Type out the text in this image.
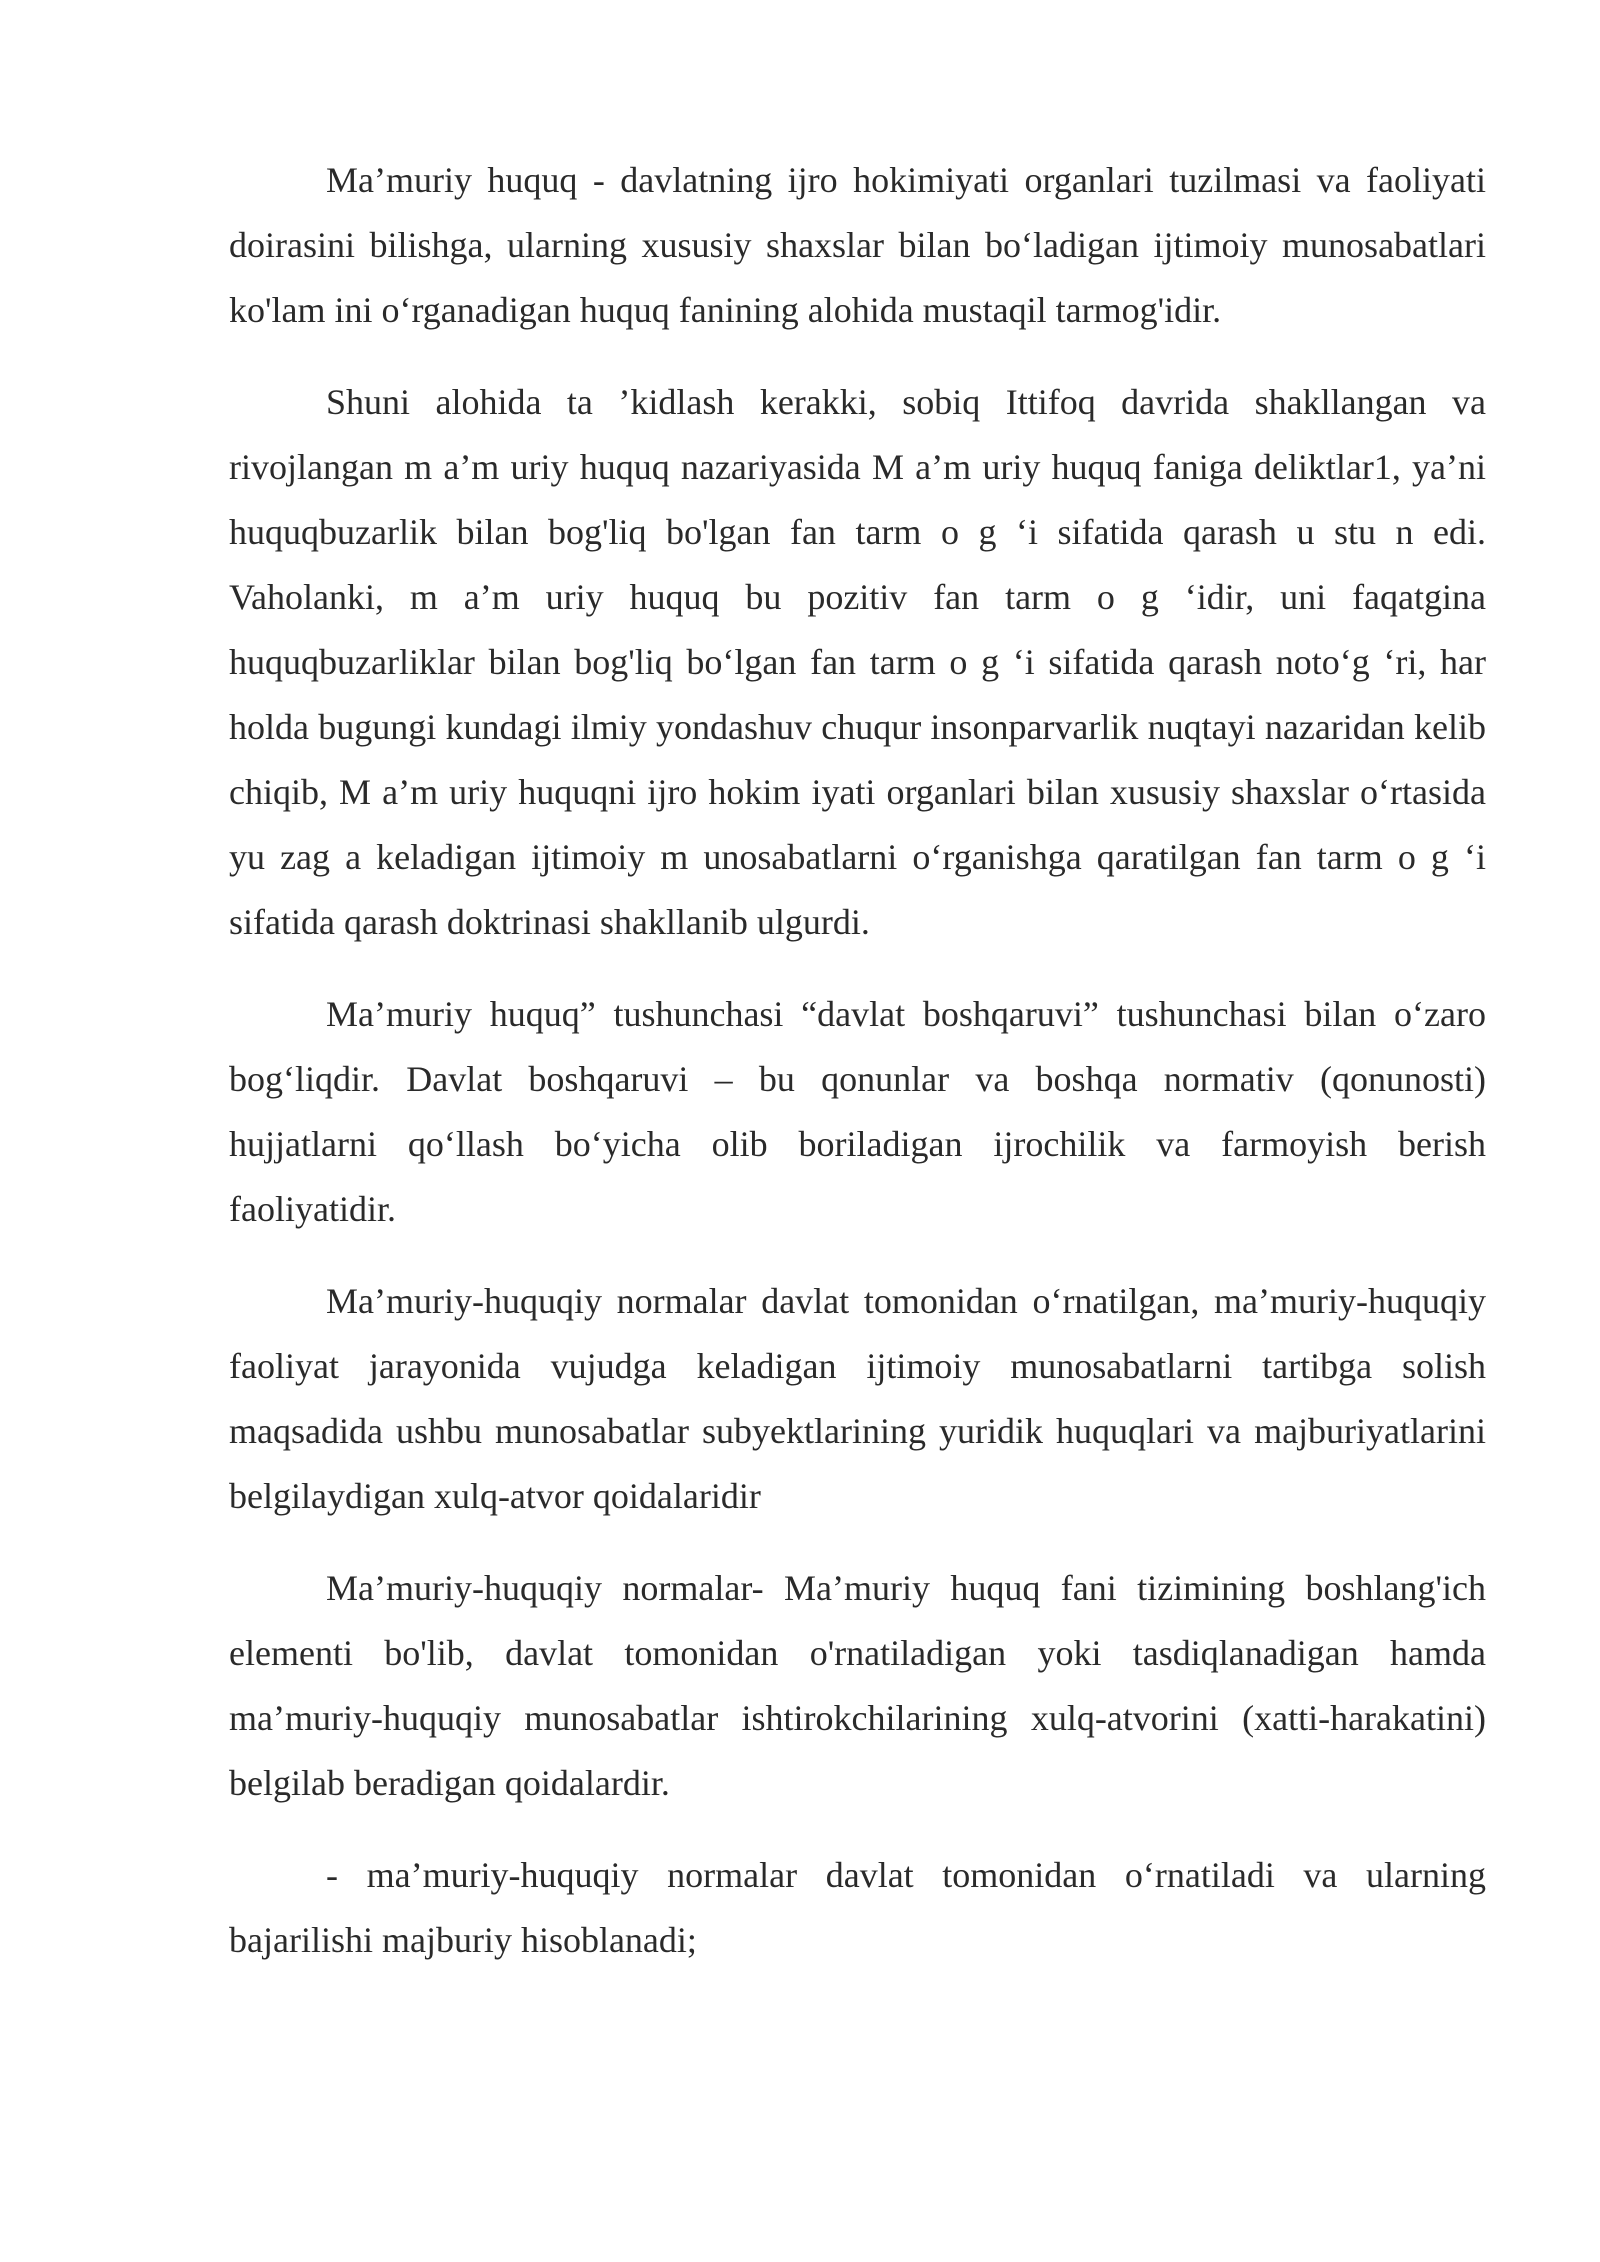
Ma’muriy huquq - davlatning ijro hokimiyati organlari tuzilmasi va faoliyati doirasini bilishga, ularning xususiy shaxslar bilan bo‘ladigan ijtimoiy munosabatlari ko'lam ini o‘rganadigan huquq fanining alohida mustaqil tarmog'idir.

Shuni alohida ta ’kidlash kerakki, sobiq Ittifoq davrida shakllangan va rivojlangan m a’m uriy huquq nazariyasida M a’m uriy huquq faniga deliktlar1, ya’ni huquqbuzarlik bilan bog'liq bo'lgan fan tarm o g ‘i sifatida qarash u stu n edi. Vaholanki, m a’m uriy huquq bu pozitiv fan tarm o g ‘idir, uni faqatgina huquqbuzarliklar bilan bog'liq bo‘lgan fan tarm o g ‘i sifatida qarash noto‘g ‘ri, har holda bugungi kundagi ilmiy yondashuv chuqur insonparvarlik nuqtayi nazaridan kelib chiqib, M a’m uriy huquqni ijro hokim iyati organlari bilan xususiy shaxslar o‘rtasida yu zag a keladigan ijtimoiy m unosabatlarni o‘rganishga qaratilgan fan tarm o g ‘i sifatida qarash doktrinasi shakllanib ulgurdi.

Ma’muriy huquq” tushunchasi “davlat boshqaruvi” tushunchasi bilan o‘zaro bog‘liqdir. Davlat boshqaruvi – bu qonunlar va boshqa normativ (qonunosti) hujjatlarni qo‘llash bo‘yicha olib boriladigan ijrochilik va farmoyish berish faoliyatidir.

Ma’muriy-huquqiy normalar davlat tomonidan o‘rnatilgan, ma’muriy-huquqiy faoliyat jarayonida vujudga keladigan ijtimoiy munosabatlarni tartibga solish maqsadida ushbu munosabatlar subyektlarining yuridik huquqlari va majburiyatlarini belgilaydigan xulq-atvor qoidalaridir

Ma’muriy-huquqiy normalar- Ma’muriy huquq fani tizimining boshlang'ich elementi bo'lib, davlat tomonidan o'rnatiladigan yoki tasdiqlanadigan hamda ma’muriy-huquqiy munosabatlar ishtirokchilarining xulq-atvorini (xatti-harakatini) belgilab beradigan qoidalardir.

- ma’muriy-huquqiy normalar davlat tomonidan o‘rnatiladi va ularning bajarilishi majburiy hisoblanadi;
